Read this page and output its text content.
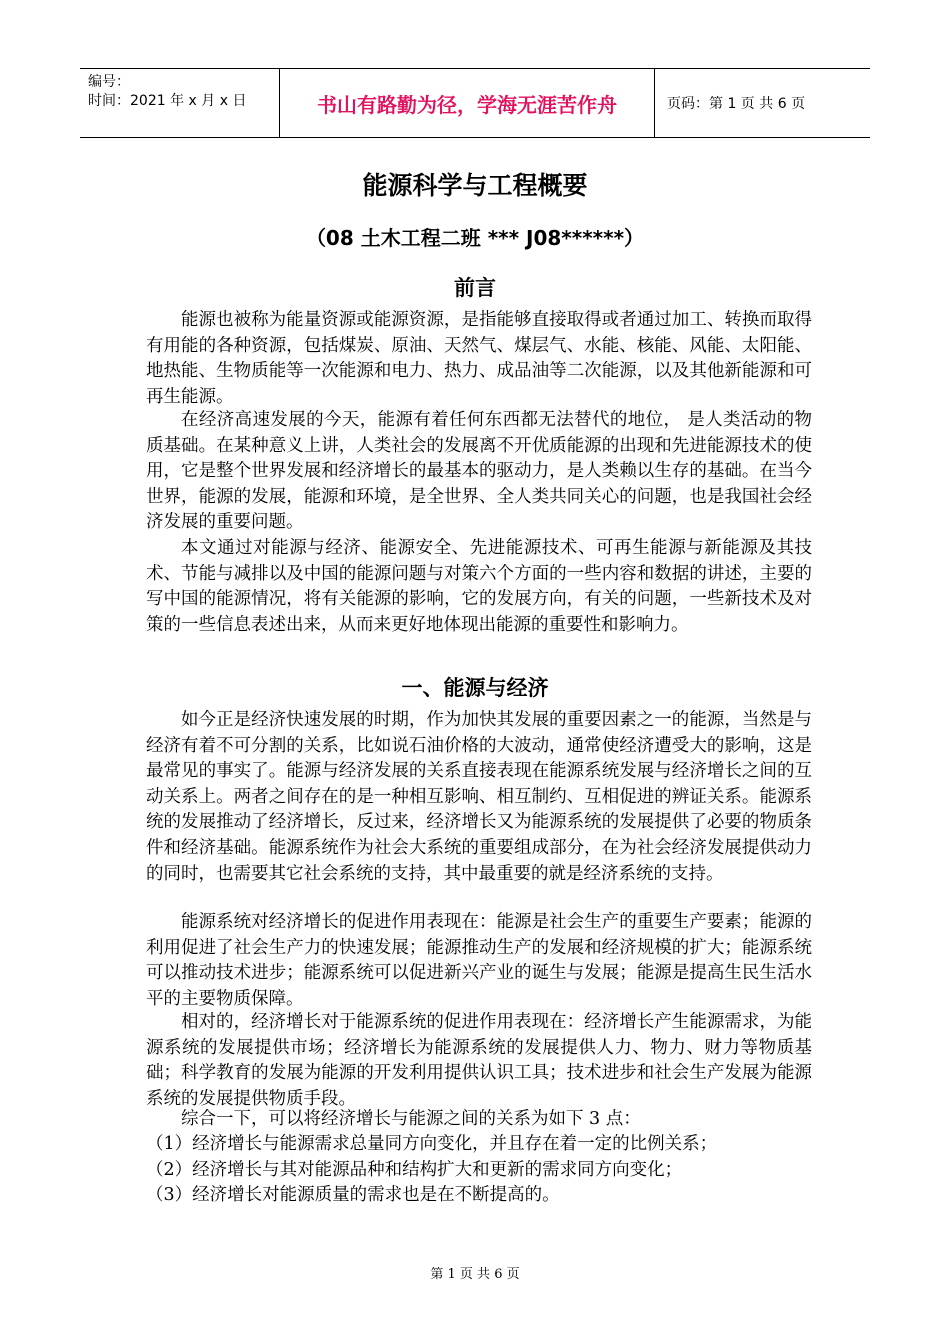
编号：
时间：2021 年 x 月 x 日	书山有路勤为径，学海无涯苦作舟	页码：第 1 页 共 6 页
能源科学与工程概要
（08 土木工程二班 *** J08******）
前言

能源也被称为能量资源或能源资源，是指能够直接取得或者通过加工、转换而取得有用能的各种资源，包括煤炭、原油、天然气、煤层气、水能、核能、风能、太阳能、地热能、生物质能等一次能源和电力、热力、成品油等二次能源，以及其他新能源和可再生能源。

在经济高速发展的今天，能源有着任何东西都无法替代的地位， 是人类活动的物质基础。在某种意义上讲，人类社会的发展离不开优质能源的出现和先进能源技术的使用，它是整个世界发展和经济增长的最基本的驱动力，是人类赖以生存的基础。在当今世界，能源的发展，能源和环境，是全世界、全人类共同关心的问题，也是我国社会经济发展的重要问题。

本文通过对能源与经济、能源安全、先进能源技术、可再生能源与新能源及其技术、节能与减排以及中国的能源问题与对策六个方面的一些内容和数据的讲述，主要的写中国的能源情况，将有关能源的影响，它的发展方向，有关的问题，一些新技术及对策的一些信息表述出来，从而来更好地体现出能源的重要性和影响力。

一、能源与经济

如今正是经济快速发展的时期，作为加快其发展的重要因素之一的能源，当然是与经济有着不可分割的关系，比如说石油价格的大波动，通常使经济遭受大的影响，这是最常见的事实了。能源与经济发展的关系直接表现在能源系统发展与经济增长之间的互动关系上。两者之间存在的是一种相互影响、相互制约、互相促进的辨证关系。能源系统的发展推动了经济增长，反过来，经济增长又为能源系统的发展提供了必要的物质条件和经济基础。能源系统作为社会大系统的重要组成部分，在为社会经济发展提供动力的同时，也需要其它社会系统的支持，其中最重要的就是经济系统的支持。

能源系统对经济增长的促进作用表现在：能源是社会生产的重要生产要素；能源的利用促进了社会生产力的快速发展；能源推动生产的发展和经济规模的扩大；能源系统可以推动技术进步；能源系统可以促进新兴产业的诞生与发展；能源是提高生民生活水平的主要物质保障。

相对的，经济增长对于能源系统的促进作用表现在：经济增长产生能源需求，为能源系统的发展提供市场；经济增长为能源系统的发展提供人力、物力、财力等物质基础；科学教育的发展为能源的开发利用提供认识工具；技术进步和社会生产发展为能源系统的发展提供物质手段。

综合一下，可以将经济增长与能源之间的关系为如下 3 点：

（1）经济增长与能源需求总量同方向变化，并且存在着一定的比例关系；
（2）经济增长与其对能源品种和结构扩大和更新的需求同方向变化；
（3）经济增长对能源质量的需求也是在不断提高的。
第 1 页 共 6 页
